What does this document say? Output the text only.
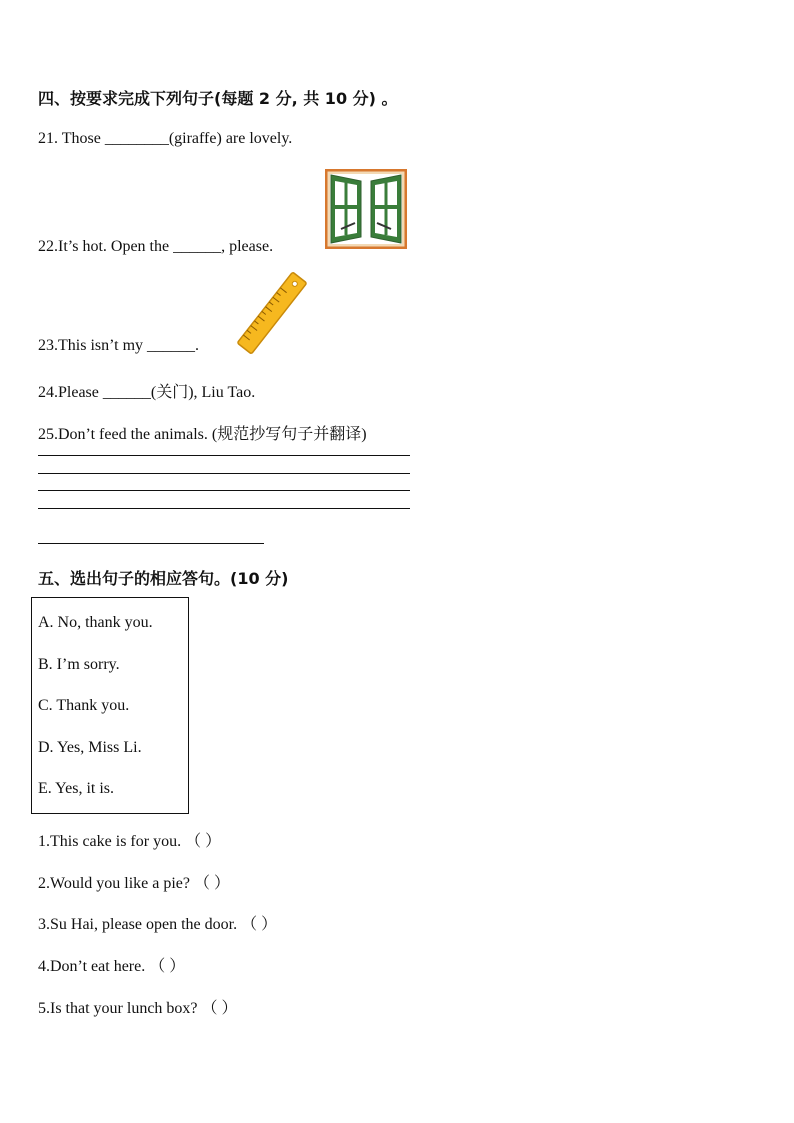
四、按要求完成下列句子(每题 2 分, 共 10 分) 。
21. Those ________(giraffe) are lovely.
22.It’s hot. Open the ______, please.
23.This isn’t my ______.
24.Please ______(关门), Liu Tao.
25.Don’t feed the animals. (规范抄写句子并翻译)
五、选出句子的相应答句。(10 分)
A. No, thank you.
B. I’m sorry.
C. Thank you.
D. Yes, Miss Li.
E. Yes, it is.
1.This cake is for you. （ ）
2.Would you like a pie? （ ）
3.Su Hai, please open the door. （ ）
4.Don’t eat here. （ ）
5.Is that your lunch box? （ ）
